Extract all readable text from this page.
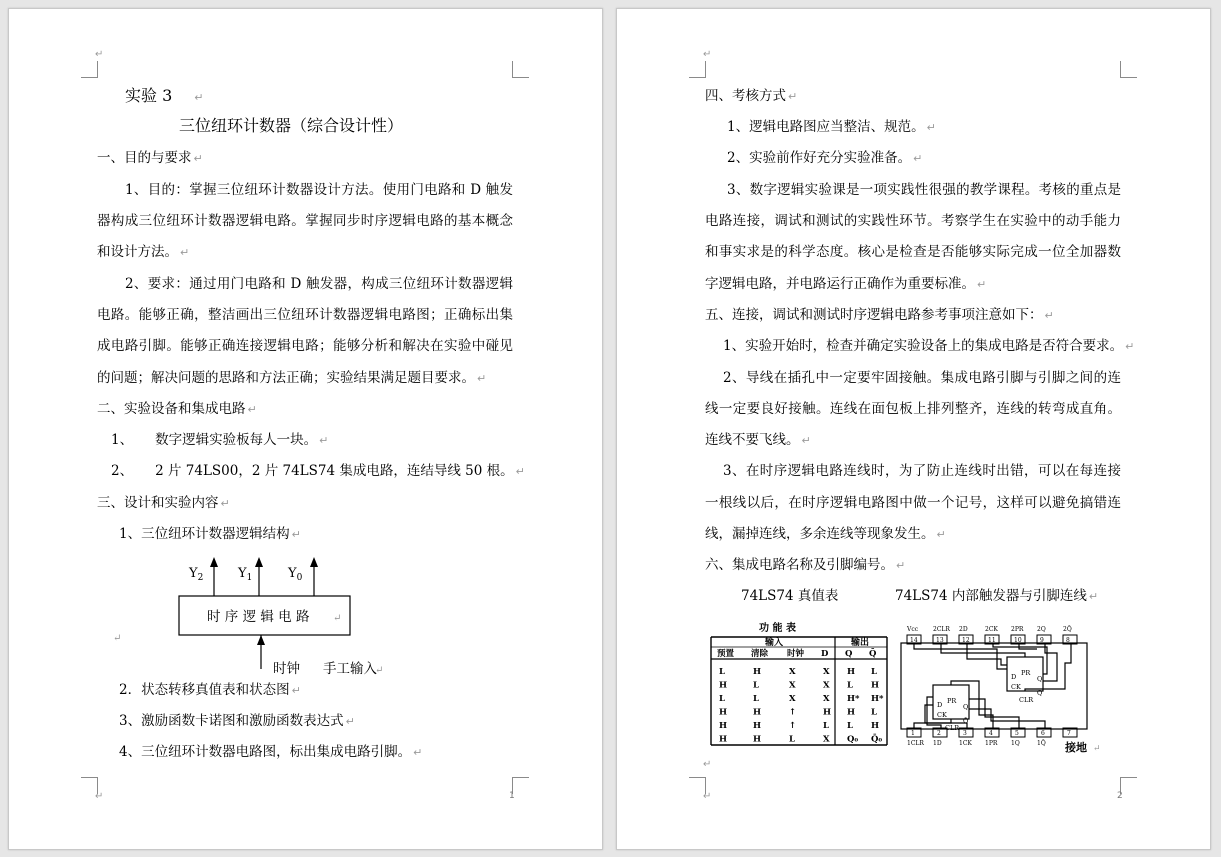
↵
↵
实验 3 ↵
三位纽环计数器（综合设计性）
一、目的与要求 ↵
1、目的：掌握三位纽环计数器设计方法。使用门电路和 D 触发
器构成三位纽环计数器逻辑电路。掌握同步时序逻辑电路的基本概念
和设计方法。 ↵
2、要求：通过用门电路和 D 触发器，构成三位纽环计数器逻辑
电路。能够正确，整洁画出三位纽环计数器逻辑电路图；正确标出集
成电路引脚。能够正确连接逻辑电路；能够分析和解决在实验中碰见
的问题；解决问题的思路和方法正确；实验结果满足题目要求。 ↵
二、实验设备和集成电路 ↵
1、 数字逻辑实验板每人一块。 ↵
2、 2 片 74LS00，2 片 74LS74 集成电路，连结导线 50 根。 ↵
三、设计和实验内容 ↵
1、三位纽环计数器逻辑结构 ↵
$Y_2$	$Y_1$	$Y_0$
时 序 逻 辑 电 路 ↵
时钟 手工输入
↵
↵
2．状态转移真值表和状态图 ↵
3、激励函数卡诺图和激励函数表达式 ↵
4、三位纽环计数器电路图，标出集成电路引脚。 ↵
1
↵
↵
↵
四、考核方式 ↵
1、逻辑电路图应当整洁、规范。 ↵
2、实验前作好充分实验准备。 ↵
3、数字逻辑实验课是一项实践性很强的教学课程。考核的重点是
电路连接，调试和测试的实践性环节。考察学生在实验中的动手能力
和事实求是的科学态度。核心是检查是否能够实际完成一位全加器数
字逻辑电路，并电路运行正确作为重要标准。 ↵
五、连接，调试和测试时序逻辑电路参考事项注意如下： ↵
1、实验开始时，检查并确定实验设备上的集成电路是否符合要求。 ↵
2、导线在插孔中一定要牢固接触。集成电路引脚与引脚之间的连
线一定要良好接触。连线在面包板上排列整齐，连线的转弯成直角。
连线不要飞线。 ↵
3、在时序逻辑电路连线时，为了防止连线时出错，可以在每连接
一根线以后，在时序逻辑电路图中做一个记号，这样可以避免搞错连
线，漏掉连线，多余连线等现象发生。 ↵
六、集成电路名称及引脚编号。 ↵
74LS74 真值表	74LS74 内部触发器与引脚连线 ↵
功 能 表
输入	输出
预置 清除 时钟 D Q Q̄
L	H	X	X H L
H	L	X	X L H
L	L	X	X H* H*
H	H	↑	H H L
H	H	↑	L L H
H	H	L	X Q₀ Q̄₀
14
Vcc
13
2CLR
12
2D
11
2CK
10
2PR
9
2Q
8
2Q̄
1	2	3	4	5	6	7
1CLR 1D	1CK 1PR 1Q	1Q̄
D
CK
CLR
PR
Q
Q̄
D
CK
CLR
PR
Q
Q̄
接地 ↵
2
